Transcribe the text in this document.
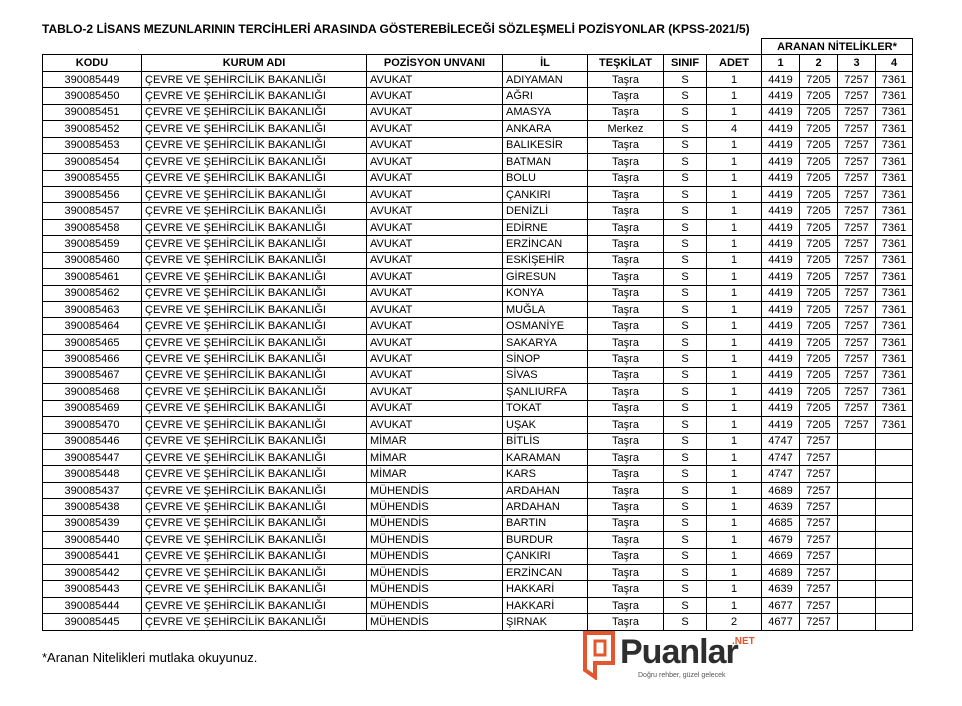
TABLO-2 LİSANS MEZUNLARININ TERCİHLERİ ARASINDA GÖSTEREBİLECEĞİ SÖZLEŞMELİ POZİSYONLAR (KPSS-2021/5)
							ARANAN NİTELİKLER*			
KODU	KURUM ADI	POZİSYON UNVANI	İL	TEŞKİLAT	SINIF	ADET	1	2	3	4
390085449	ÇEVRE VE ŞEHİRCİLİK BAKANLIĞI	AVUKAT	ADIYAMAN	Taşra	S	1	4419	7205	7257	7361
390085450	ÇEVRE VE ŞEHİRCİLİK BAKANLIĞI	AVUKAT	AĞRI	Taşra	S	1	4419	7205	7257	7361
390085451	ÇEVRE VE ŞEHİRCİLİK BAKANLIĞI	AVUKAT	AMASYA	Taşra	S	1	4419	7205	7257	7361
390085452	ÇEVRE VE ŞEHİRCİLİK BAKANLIĞI	AVUKAT	ANKARA	Merkez	S	4	4419	7205	7257	7361
390085453	ÇEVRE VE ŞEHİRCİLİK BAKANLIĞI	AVUKAT	BALIKESİR	Taşra	S	1	4419	7205	7257	7361
390085454	ÇEVRE VE ŞEHİRCİLİK BAKANLIĞI	AVUKAT	BATMAN	Taşra	S	1	4419	7205	7257	7361
390085455	ÇEVRE VE ŞEHİRCİLİK BAKANLIĞI	AVUKAT	BOLU	Taşra	S	1	4419	7205	7257	7361
390085456	ÇEVRE VE ŞEHİRCİLİK BAKANLIĞI	AVUKAT	ÇANKIRI	Taşra	S	1	4419	7205	7257	7361
390085457	ÇEVRE VE ŞEHİRCİLİK BAKANLIĞI	AVUKAT	DENİZLİ	Taşra	S	1	4419	7205	7257	7361
390085458	ÇEVRE VE ŞEHİRCİLİK BAKANLIĞI	AVUKAT	EDİRNE	Taşra	S	1	4419	7205	7257	7361
390085459	ÇEVRE VE ŞEHİRCİLİK BAKANLIĞI	AVUKAT	ERZİNCAN	Taşra	S	1	4419	7205	7257	7361
390085460	ÇEVRE VE ŞEHİRCİLİK BAKANLIĞI	AVUKAT	ESKİŞEHİR	Taşra	S	1	4419	7205	7257	7361
390085461	ÇEVRE VE ŞEHİRCİLİK BAKANLIĞI	AVUKAT	GİRESUN	Taşra	S	1	4419	7205	7257	7361
390085462	ÇEVRE VE ŞEHİRCİLİK BAKANLIĞI	AVUKAT	KONYA	Taşra	S	1	4419	7205	7257	7361
390085463	ÇEVRE VE ŞEHİRCİLİK BAKANLIĞI	AVUKAT	MUĞLA	Taşra	S	1	4419	7205	7257	7361
390085464	ÇEVRE VE ŞEHİRCİLİK BAKANLIĞI	AVUKAT	OSMANİYE	Taşra	S	1	4419	7205	7257	7361
390085465	ÇEVRE VE ŞEHİRCİLİK BAKANLIĞI	AVUKAT	SAKARYA	Taşra	S	1	4419	7205	7257	7361
390085466	ÇEVRE VE ŞEHİRCİLİK BAKANLIĞI	AVUKAT	SİNOP	Taşra	S	1	4419	7205	7257	7361
390085467	ÇEVRE VE ŞEHİRCİLİK BAKANLIĞI	AVUKAT	SİVAS	Taşra	S	1	4419	7205	7257	7361
390085468	ÇEVRE VE ŞEHİRCİLİK BAKANLIĞI	AVUKAT	ŞANLIURFA	Taşra	S	1	4419	7205	7257	7361
390085469	ÇEVRE VE ŞEHİRCİLİK BAKANLIĞI	AVUKAT	TOKAT	Taşra	S	1	4419	7205	7257	7361
390085470	ÇEVRE VE ŞEHİRCİLİK BAKANLIĞI	AVUKAT	UŞAK	Taşra	S	1	4419	7205	7257	7361
390085446	ÇEVRE VE ŞEHİRCİLİK BAKANLIĞI	MİMAR	BİTLİS	Taşra	S	1	4747	7257		
390085447	ÇEVRE VE ŞEHİRCİLİK BAKANLIĞI	MİMAR	KARAMAN	Taşra	S	1	4747	7257		
390085448	ÇEVRE VE ŞEHİRCİLİK BAKANLIĞI	MİMAR	KARS	Taşra	S	1	4747	7257		
390085437	ÇEVRE VE ŞEHİRCİLİK BAKANLIĞI	MÜHENDİS	ARDAHAN	Taşra	S	1	4689	7257		
390085438	ÇEVRE VE ŞEHİRCİLİK BAKANLIĞI	MÜHENDİS	ARDAHAN	Taşra	S	1	4639	7257		
390085439	ÇEVRE VE ŞEHİRCİLİK BAKANLIĞI	MÜHENDİS	BARTIN	Taşra	S	1	4685	7257		
390085440	ÇEVRE VE ŞEHİRCİLİK BAKANLIĞI	MÜHENDİS	BURDUR	Taşra	S	1	4679	7257		
390085441	ÇEVRE VE ŞEHİRCİLİK BAKANLIĞI	MÜHENDİS	ÇANKIRI	Taşra	S	1	4669	7257		
390085442	ÇEVRE VE ŞEHİRCİLİK BAKANLIĞI	MÜHENDİS	ERZİNCAN	Taşra	S	1	4689	7257		
390085443	ÇEVRE VE ŞEHİRCİLİK BAKANLIĞI	MÜHENDİS	HAKKARİ	Taşra	S	1	4639	7257		
390085444	ÇEVRE VE ŞEHİRCİLİK BAKANLIĞI	MÜHENDİS	HAKKARİ	Taşra	S	1	4677	7257		
390085445	ÇEVRE VE ŞEHİRCİLİK BAKANLIĞI	MÜHENDİS	ŞIRNAK	Taşra	S	2	4677	7257		
*Aranan Nitelikleri mutlaka okuyunuz.	Puanlar
.NET
Doğru rehber, güzel gelecek
